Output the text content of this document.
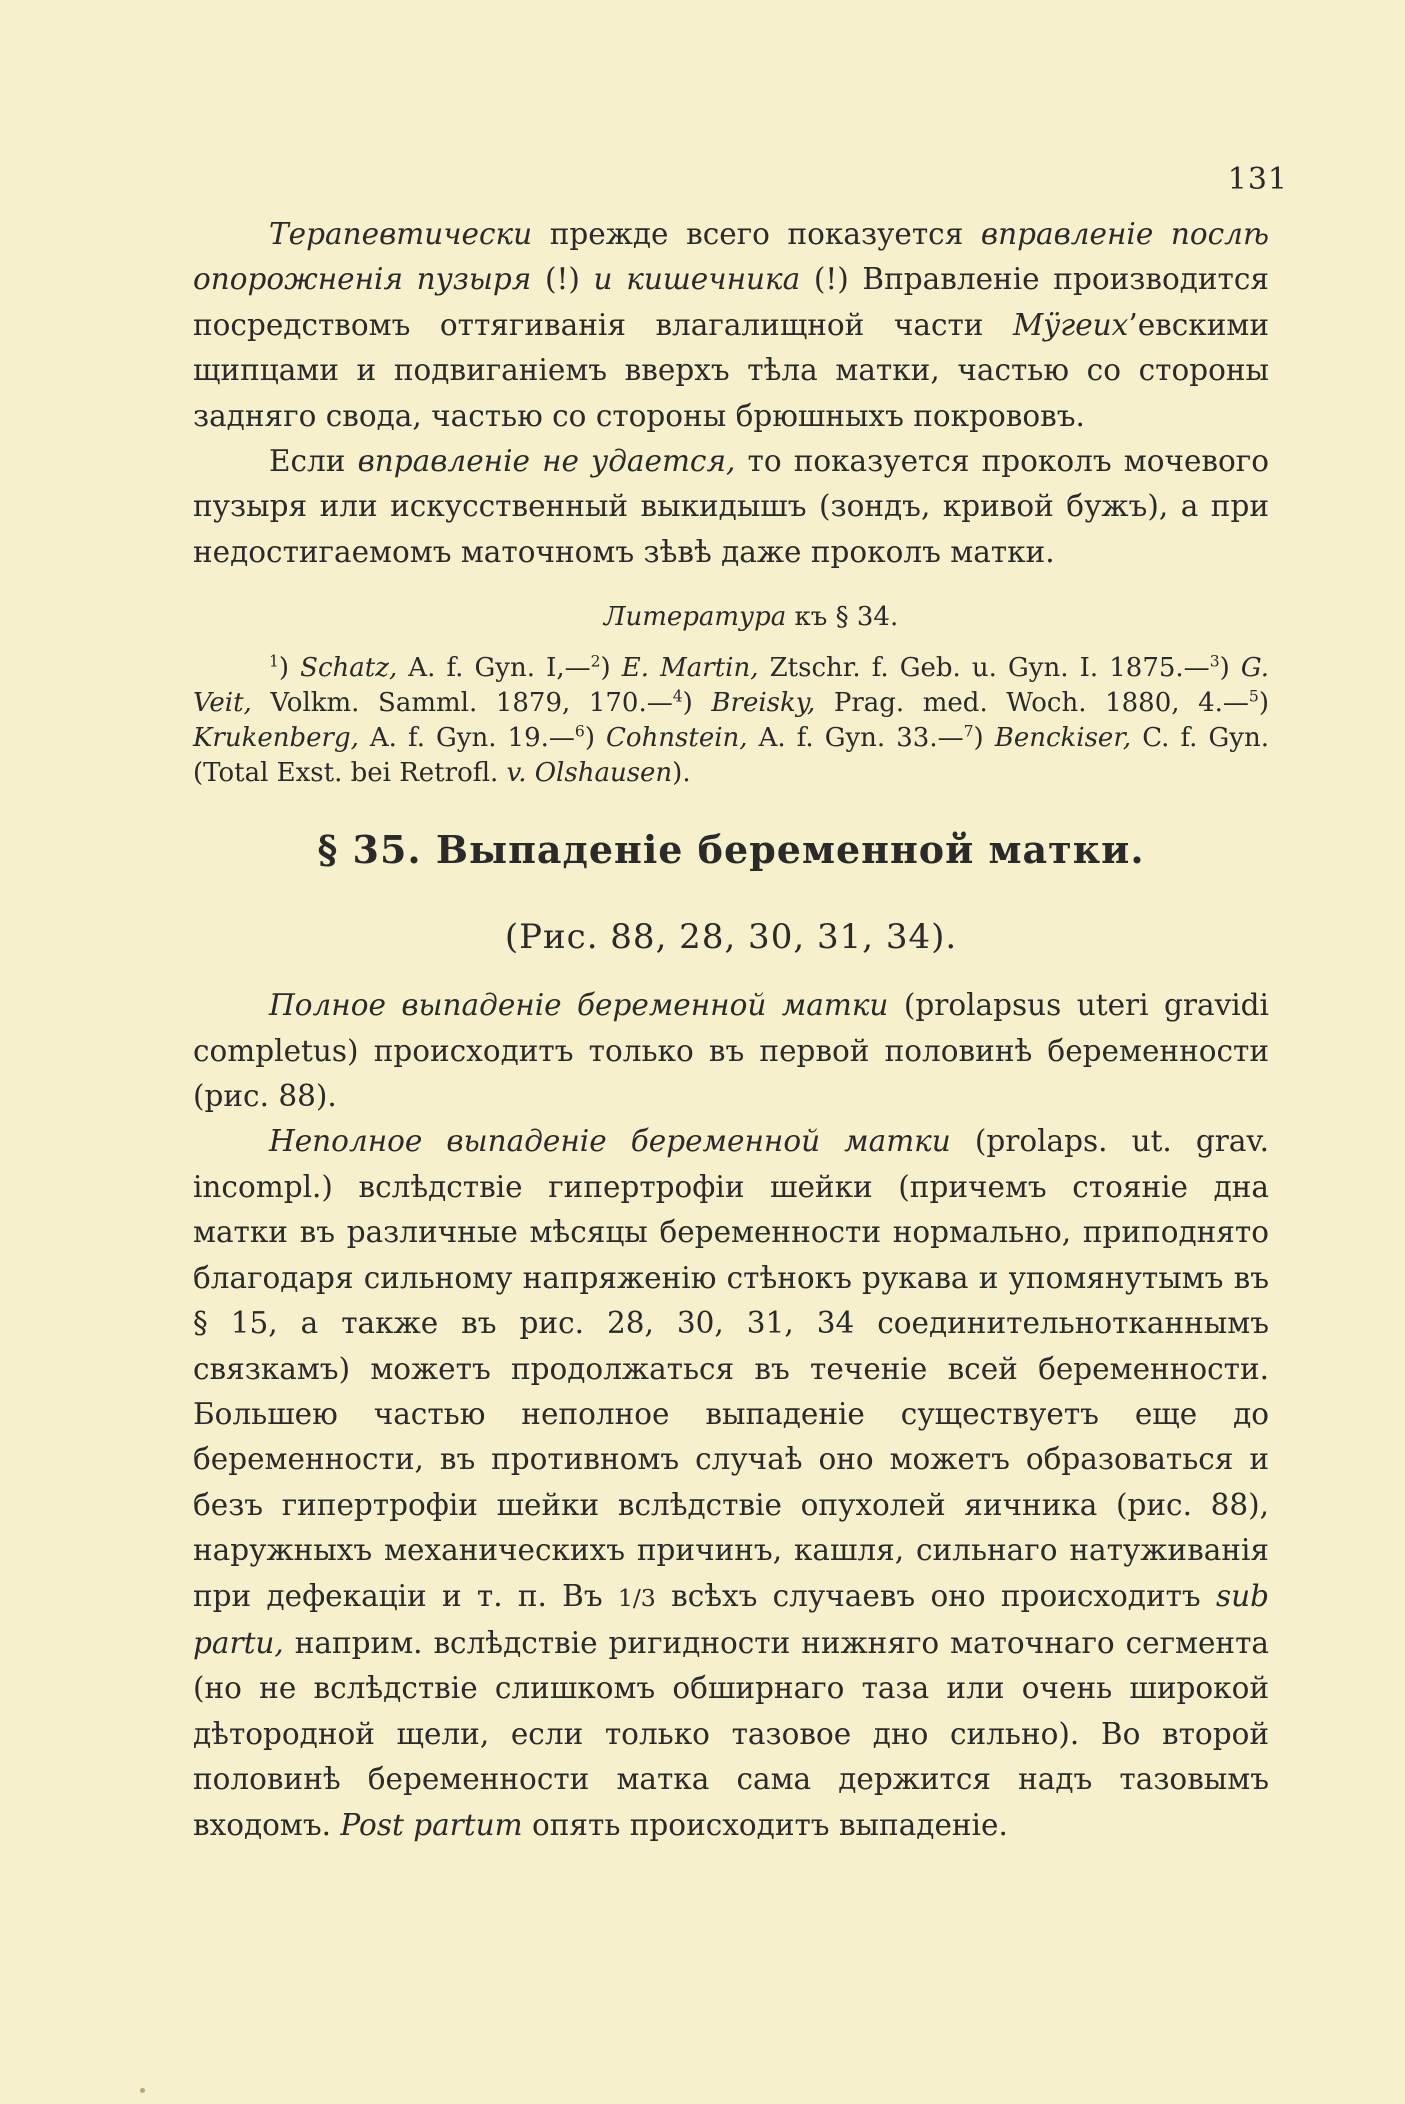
131

Терапевтически прежде всего показуется вправленіе послѣ опорожненія пузыря (!) и кишечника (!) Вправленіе производится посредствомъ оттягиванія влагалищной части Мӱгеих’евскими щипцами и подвиганіемъ вверхъ тѣла матки, частью со стороны задняго свода, частью со стороны брюшныхъ покрововъ.

Если вправленіе не удается, то показуется проколъ мочевого пузыря или искусственный выкидышъ (зондъ, кривой бужъ), а при недостигаемомъ маточномъ зѣвѣ даже проколъ матки.

Литература къ § 34.

$^1$) Schatz, A. f. Gyn. I,—$^2$) E. Martin, Ztschr. f. Geb. u. Gyn. I. 1875.—$^3$) G. Veit, Volkm. Samml. 1879, 170.—$^4$) Breisky, Prag. med. Woch. 1880, 4.—$^5$) Krukenberg, A. f. Gyn. 19.—$^6$) Cohnstein, A. f. Gyn. 33.—$^7$) Benckiser, C. f. Gyn. (Total Exst. bei Retrofl. v. Olshausen).

§ 35. Выпаденіе беременной матки.
(Рис. 88, 28, 30, 31, 34).

Полное выпаденіе беременной матки (prolapsus uteri gravidi completus) происходитъ только въ первой половинѣ беременности (рис. 88).

Неполное выпаденіе беременной матки (prolaps. ut. grav. incompl.) вслѣдствіе гипертрофіи шейки (причемъ стояніе дна матки въ различные мѣсяцы беременности нормально, приподнято благодаря сильному напряженію стѣнокъ рукава и упомянутымъ въ § 15, а также въ рис. 28, 30, 31, 34 соединительнотканнымъ связкамъ) можетъ продолжаться въ теченіе всей беременности. Большею частью неполное выпаденіе существуетъ еще до беременности, въ противномъ случаѣ оно можетъ образоваться и безъ гипертрофіи шейки вслѣдствіе опухолей яичника (рис. 88), наружныхъ механическихъ причинъ, кашля, сильнаго натуживанія при дефекаціи и т. п. Въ 1/3 всѣхъ случаевъ оно происходитъ sub partu, наприм. вслѣдствіе ригидности нижняго маточнаго сегмента (но не вслѣдствіе слишкомъ обширнаго таза или очень широкой дѣтородной щели, если только тазовое дно сильно). Во второй половинѣ беременности матка сама держится надъ тазовымъ входомъ. Post partum опять происходитъ выпаденіе.
